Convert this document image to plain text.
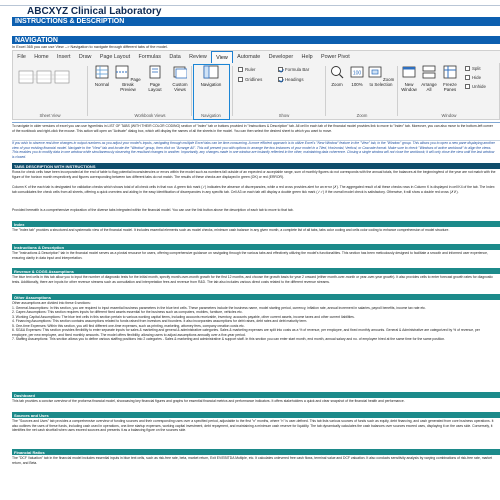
ABCXYZ Clinical Laboratory
INSTRUCTIONS & DESCRIPTION
NAVIGATION
In Excel 365 you can use View --> Navigation to navigate through different tabs of the model.
File	Home	Insert	Draw	Page Layout	Formulas	Data	Review	View	Automate	Developer	Help	Power Pivot
Sheet View
Normal
Page Break Preview
Page Layout
Custom Views
Workbook Views
Navigation
Navigation
Ruler	Formula Bar
Gridlines	Headings
Show
Zoom
100
100%
Zoom to Selection
Zoom
New Window
Arrange All
Freeze Panes
Split
Hide
Unhide
Window
To navigate in older versions of excel you can use hyperlinks in LIST OF TABS (WITH THEIR COLOR CODING) section of "Index" tab or buttons provided in "Instructions & Description" tab. All cell in each tab of the financial model provides link to move to "Index" tab. Moreover, you can also move to the bottom-left corner of the workbook and right-click the mouse. This action will open an "Activate" dialog box, which will display the names of all the sheets in the model. You can then select the desired sheet to which you want to move.
If you wish to observe real-time changes in output numbers as you adjust your model's inputs, navigating through multiple Excel tabs can be time-consuming. A more efficient approach is to utilize Excel's "New Window" feature in the "View" tab, in the "Window" group. This allows you to open a new pane displaying another view of your existing financial model. Navigate to the "View" tab and locate the "Window" group, then click on "Arrange All". This will present you with options to arrange the two instances of your model in a Tiled, Horizontal, Vertical, or Cascade format. Make sure to check "Windows of active workbook" to align the views. This enables you to modify data in one window while simultaneously observing the resultant changes in another. Importantly, any changes made in one window are instantly reflected in the other, maintaining data coherence. Closing a single window will not close the workbook; it will only close the view until the last window is closed.
TABS DESCRIPTION WITH INSTRUCTIONS
Rows for check cells have been incorporated at the end of table to flag potential inconsistencies or errors within the model such as numbers fall outside of an expected or acceptable range, sum of monthly figures do not corresponds with the annual totals, the balances at the beginning/end of the year are not match with the figure of the horizon month respectively and figures corresponding between two different tabs do not match. The results of these checks are displayed in green (OK) or red (ERROR).
Column K of the each tab is designated for validation checks which shows total of all check cells in that row. A green tick mark (✓) indicates the absence of discrepancies, while a red cross provides alert for an error (✗). The aggregated result of all these checks rows in Column K is displayed in cell K4 of the tab. The Index tab consolidates the check cells from all sheets, offering a quick overview and aiding in the easy identification of discrepancies in any specific tab. Cell A3 on each tab will display a double green tick mark (✓✓) if the overall model check is satisfactory. Otherwise, it will show a double red cross (✗✗).
Provided herewith is a comprehensive exploration of the diverse tabs integrated within the financial model. You can use the link button above the description of each tab to move to that tab.
Index
The "Index tab" provides a structured and systematic view of the financial model. It includes essential elements such as model checks, minimum cash balance in any given month, a complete list of all tabs, tabs color coding and cells color coding to enhance comprehension of model structure.
Instructions & Description
The "Instructions & Description" tab in the financial model serves as a pivotal resource for users, offering comprehensive guidance on navigating through the various tabs and effectively utilizing the model's functionalities. This section has been meticulously designed to facilitate a smooth and informed user experience, ensuring clarity in data input and interpretation.
Revenue & COGS Assumptions
The blue text cells in this tab allow you to input the number of diagnostic tests for the initial month, specify month-over-month growth for the first 12 months, and choose the growth basis for year 2 onward (either month-over-month or year-over-year growth). It also provides cells to enter forecast growth rates for diagnostic tests. Additionally, there are inputs for other revenue streams such as consultation and interpretation fees and revenue from R&D. The tab also includes various direct costs related to the different revenue streams.
Other Assumptions
Other assumptions are divided into these 6 sections:
1. General Assumptions: In this section, you are required to input essential business parameters in the blue text cells. These parameters include the business name, model starting period, currency, inflation rate, annual increment in salaries, payroll benefits, income tax rate etc.
2. Capex Assumptions: This section requires inputs for different fixed assets essential for the business such as computers, mobiles, furniture, vehicles etc.
3. Working Capital Assumptions: The blue text cells in this section pertain to various working capital items, including accounts receivable, inventory, accounts payable, other current assets, income taxes and other current liabilities.
4. Financing Assumptions: This section contains assumptions related to funds raised from investors and founders. It also incorporates assumptions for debt raises, debt rates and debt maturity term.
5. One-time Expenses: Within this section, you will find different one-time expenses, such as printing, marketing, attorney fees, company creation costs etc.
6. SG&A Expenses: This section provides flexibility to enter separate inputs for sales & marketing and general & administrative categories. Sales & marketing expenses are split into costs as a % of revenue, per employee, and fixed monthly amounts. General & Administrative are categorized by % of revenue, per employee, per new employee, and fixed monthly amounts. The model offers flexibility, allowing users to adjust assumptions annually over a five-year period.
7. Staffing Assumptions: This section allows you to define various staffing positions into 2 categories - Sales & marketing and administrative & support staff. In this section you can enter start month, end month, annual salary and no. of employee hired at the same time for the same position.
Dashboard
This tab provides a concise overview of the proforma financial model, showcasing key financial figures and graphs for essential financial metrics and performance indicators. It offers stakeholders a quick and clear snapshot of the financial health and performance.
Sources and Uses
The "Sources and Uses" tab provides a comprehensive overview of funding sources and their corresponding uses over a specified period, adjustable to the first "n" months, where "n" is user-defined. This tab lists various sources of funds such as equity, debt financing, and cash generated from core business operations. It also outlines the uses of these funds, including cash used in operations, one-time startup expenses, working capital investment, debt repayment, and maintaining a minimum cash reserve for liquidity. The tab dynamically calculates the cash balances over sources exceed uses, displaying it on the uses side. Conversely, it identifies the net cash shortfall when uses exceed sources and presents it as a balancing figure on the sources side.
Financial Ratios
The "DCF Valuation" tab in the financial model includes essential inputs in blue text cells, such as risk-free rate, beta, market return, Exit EV/EBITDA Multiple, etc. It calculates unlevered free cash flows, terminal value and DCF valuation. It also conducts sensitivity analysis by varying combinations of risk-free rate, market return, and Beta.
